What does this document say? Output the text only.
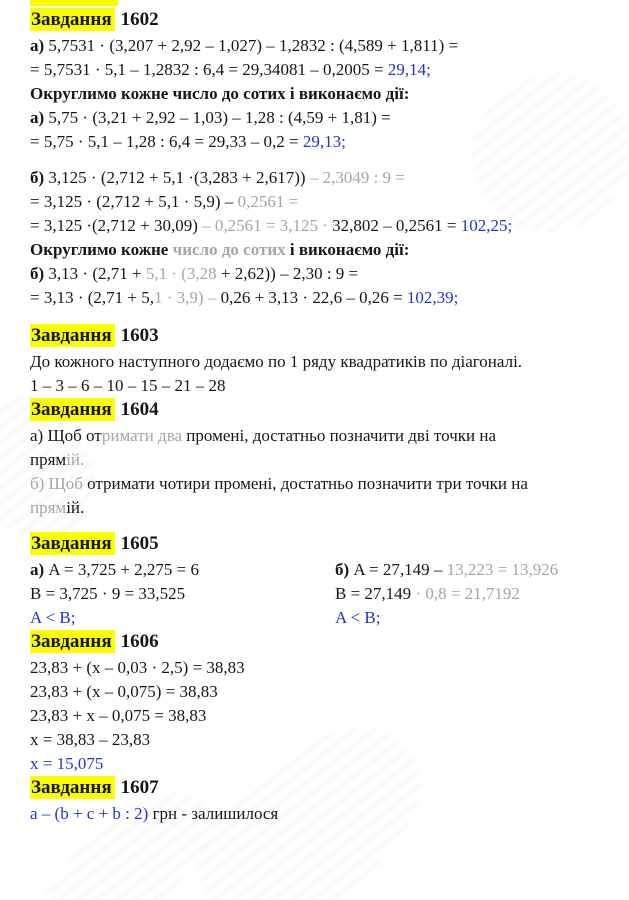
Завдання 1602
а) 5,7531 · (3,207 + 2,92 – 1,027) – 1,2832 : (4,589 + 1,811) =
= 5,7531 · 5,1 – 1,2832 : 6,4 = 29,34081 – 0,2005 = 29,14;
Округлимо кожне число до сотих і виконаємо дії:
а) 5,75 · (3,21 + 2,92 – 1,03) – 1,28 : (4,59 + 1,81) =
= 5,75 · 5,1 – 1,28 : 6,4 = 29,33 – 0,2 = 29,13;
б) 3,125 · (2,712 + 5,1 ·(3,283 + 2,617)) – 2,3049 : 9 =
= 3,125 · (2,712 + 5,1 · 5,9) – 0,2561 =
= 3,125 ·(2,712 + 30,09) – 0,2561 = 3,125 · 32,802 – 0,2561 = 102,25;
Округлимо кожне число до сотих і виконаємо дії:
б) 3,13 · (2,71 + 5,1 · (3,28 + 2,62)) – 2,30 : 9 =
= 3,13 · (2,71 + 5,1 · 3,9) – 0,26 + 3,13 · 22,6 – 0,26 = 102,39;
Завдання 1603
До кожного наступного додаємо по 1 ряду квадратиків по діагоналі.
1 – 3 – 6 – 10 – 15 – 21 – 28
Завдання 1604
а) Щоб отримати два промені, достатньо позначити дві точки на
прямій.
б) Щоб отримати чотири промені, достатньо позначити три точки на
прямій.
Завдання 1605
а) A = 3,725 + 2,275 = 6
B = 3,725 · 9 = 33,525
A < B;
б) A = 27,149 – 13,223 = 13,926
B = 27,149 · 0,8 = 21,7192
A < B;
Завдання 1606
23,83 + (x – 0,03 · 2,5) = 38,83
23,83 + (x – 0,075) = 38,83
23,83 + x – 0,075 = 38,83
x = 38,83 – 23,83
x = 15,075
Завдання 1607
a – (b + c + b : 2) грн - залишилося
